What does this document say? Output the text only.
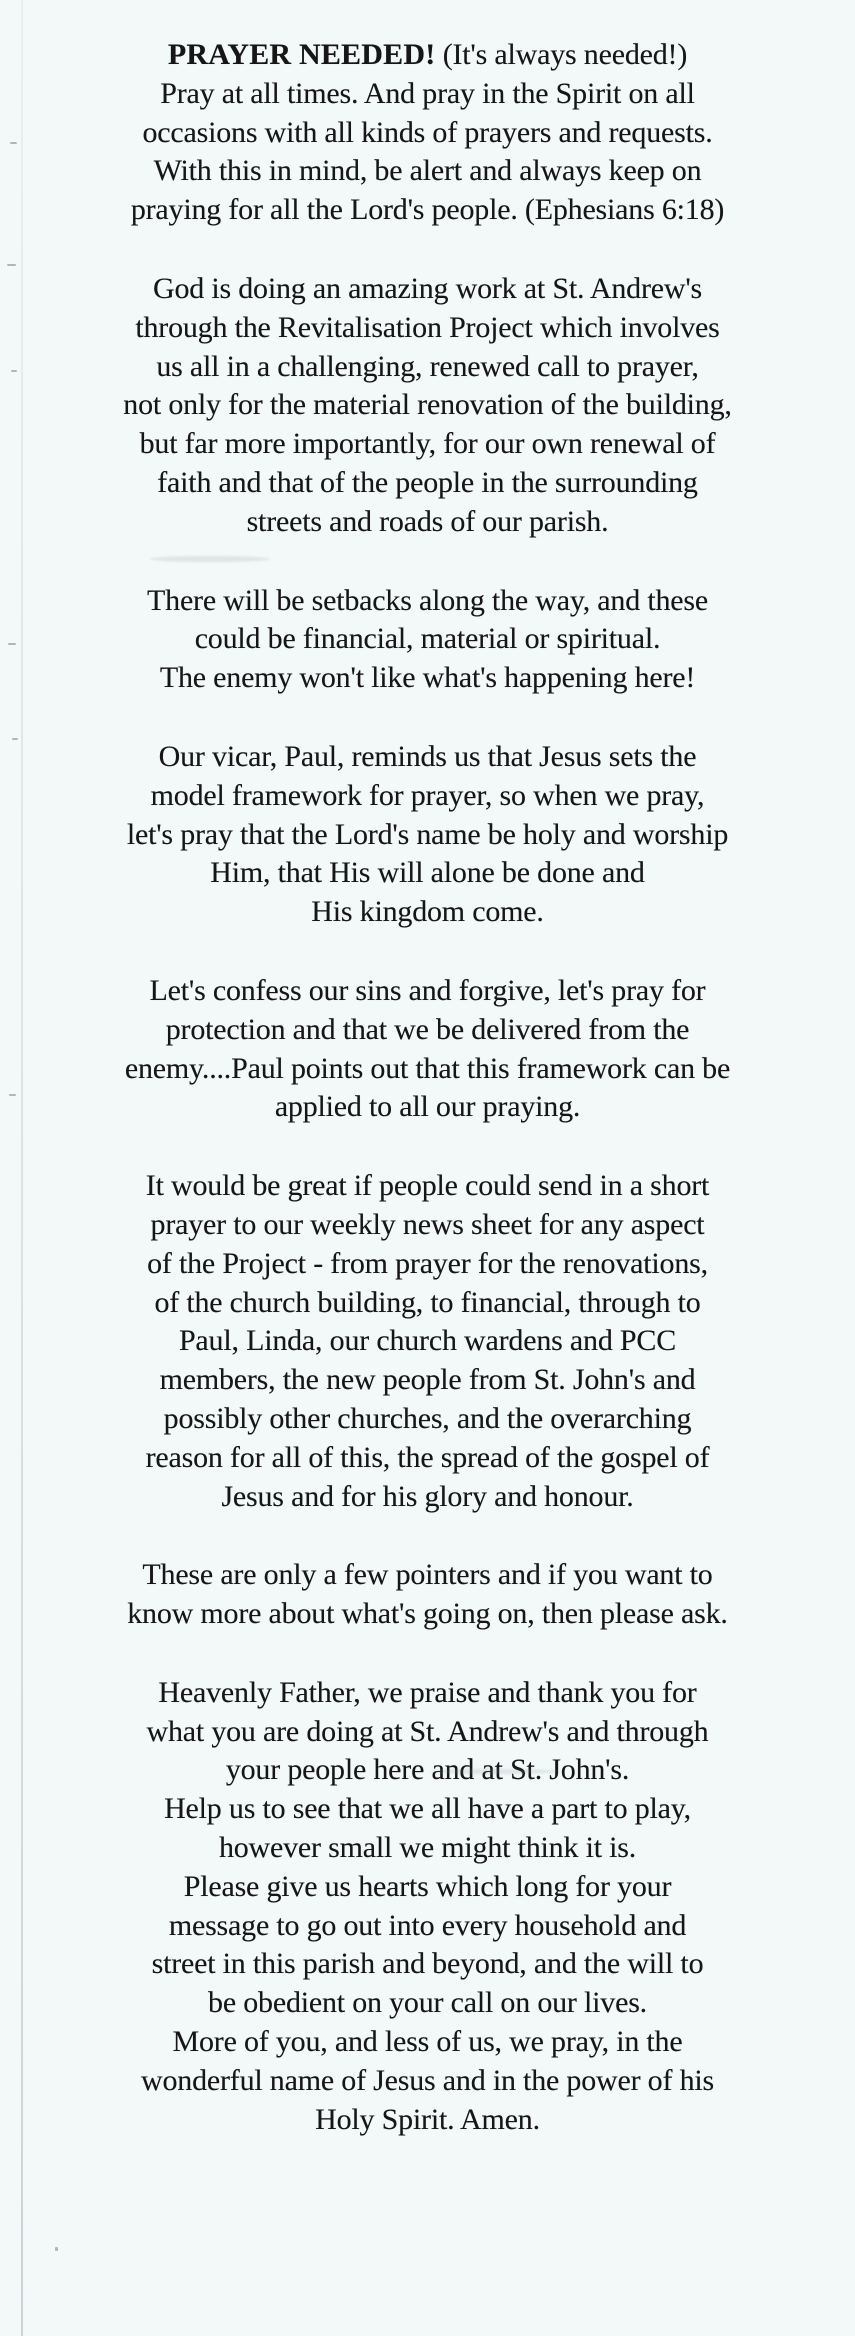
PRAYER NEEDED! (It's always needed!)
Pray at all times. And pray in the Spirit on all
occasions with all kinds of prayers and requests.
With this in mind, be alert and always keep on
praying for all the Lord's people. (Ephesians 6:18)
God is doing an amazing work at St. Andrew's
through the Revitalisation Project which involves
us all in a challenging, renewed call to prayer,
not only for the material renovation of the building,
but far more importantly, for our own renewal of
faith and that of the people in the surrounding
streets and roads of our parish.
There will be setbacks along the way, and these
could be financial, material or spiritual.
The enemy won't like what's happening here!
Our vicar, Paul, reminds us that Jesus sets the
model framework for prayer, so when we pray,
let's pray that the Lord's name be holy and worship
Him, that His will alone be done and
His kingdom come.
Let's confess our sins and forgive, let's pray for
protection and that we be delivered from the
enemy....Paul points out that this framework can be
applied to all our praying.
It would be great if people could send in a short
prayer to our weekly news sheet for any aspect
of the Project - from prayer for the renovations,
of the church building, to financial, through to
Paul, Linda, our church wardens and PCC
members, the new people from St. John's and
possibly other churches, and the overarching
reason for all of this, the spread of the gospel of
Jesus and for his glory and honour.
These are only a few pointers and if you want to
know more about what's going on, then please ask.
Heavenly Father, we praise and thank you for
what you are doing at St. Andrew's and through
your people here and at St. John's.
Help us to see that we all have a part to play,
however small we might think it is.
Please give us hearts which long for your
message to go out into every household and
street in this parish and beyond, and the will to
be obedient on your call on our lives.
More of you, and less of us, we pray, in the
wonderful name of Jesus and in the power of his
Holy Spirit. Amen.
